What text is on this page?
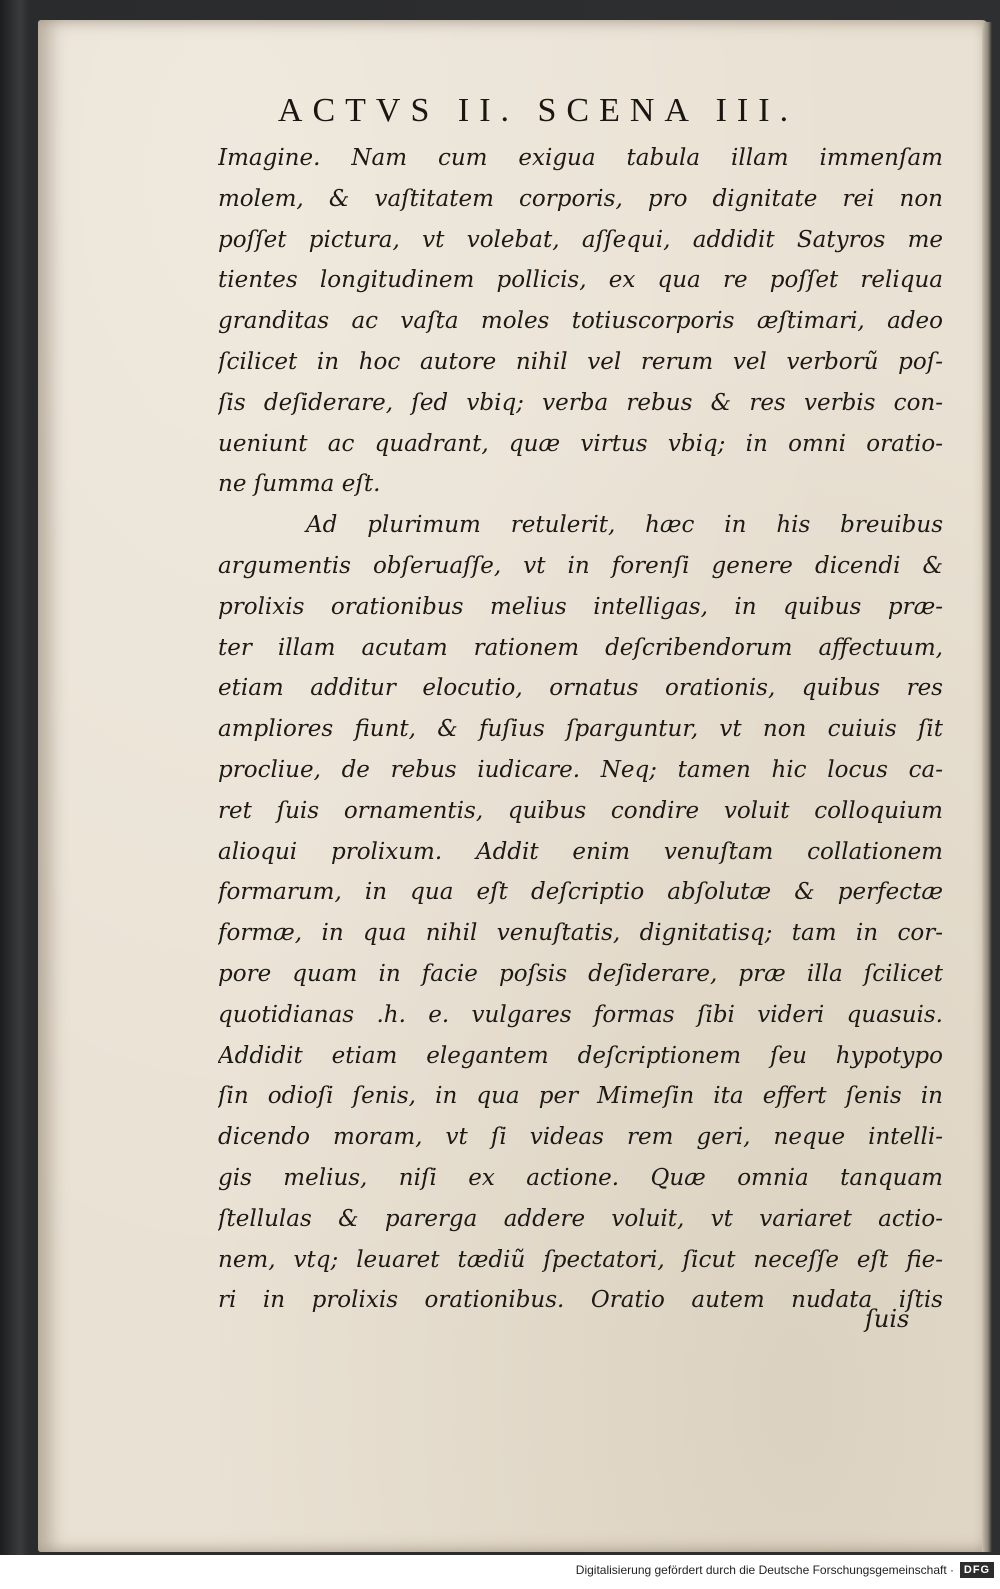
ACTVS II. SCENA III.
Imagine. Nam cum exigua tabula illam immenſam
molem, & vaſtitatem corporis, pro dignitate rei non
poſſet pictura, vt volebat, aſſequi, addidit Satyros me
tientes longitudinem pollicis, ex qua re poſſet reliqua
granditas ac vaſta moles totiuscorporis æſtimari, adeo
ſcilicet in hoc autore nihil vel rerum vel verborũ poſ-
ſis deſiderare, ſed vbiq; verba rebus & res verbis con-
ueniunt ac quadrant, quæ virtus vbiq; in omni oratio-
ne ſumma eſt.
Ad plurimum retulerit, hæc in his breuibus
argumentis obſeruaſſe, vt in forenſi genere dicendi &
prolixis orationibus melius intelligas, in quibus præ-
ter illam acutam rationem deſcribendorum affectuum,
etiam additur elocutio, ornatus orationis, quibus res
ampliores fiunt, & fuſius ſparguntur, vt non cuiuis ſit
procliue, de rebus iudicare. Neq; tamen hic locus ca-
ret ſuis ornamentis, quibus condire voluit colloquium
alioqui prolixum. Addit enim venuſtam collationem
formarum, in qua eſt deſcriptio abſolutæ & perfectæ
formæ, in qua nihil venuſtatis, dignitatisq; tam in cor-
pore quam in facie poſsis deſiderare, præ illa ſcilicet
quotidianas .h. e. vulgares formas ſibi videri quasuis.
Addidit etiam elegantem deſcriptionem ſeu hypotypo
ſin odioſi ſenis, in qua per Mimeſin ita effert ſenis in
dicendo moram, vt ſi videas rem geri, neque intelli-
gis melius, niſi ex actione. Quæ omnia tanquam
ſtellulas & parerga addere voluit, vt variaret actio-
nem, vtq; leuaret tædiũ ſpectatori, ſicut neceſſe eſt fie-
ri in prolixis orationibus. Oratio autem nudata iſtis
ſuis
Digitalisierung gefördert durch die Deutsche Forschungsgemeinschaft · DFG
